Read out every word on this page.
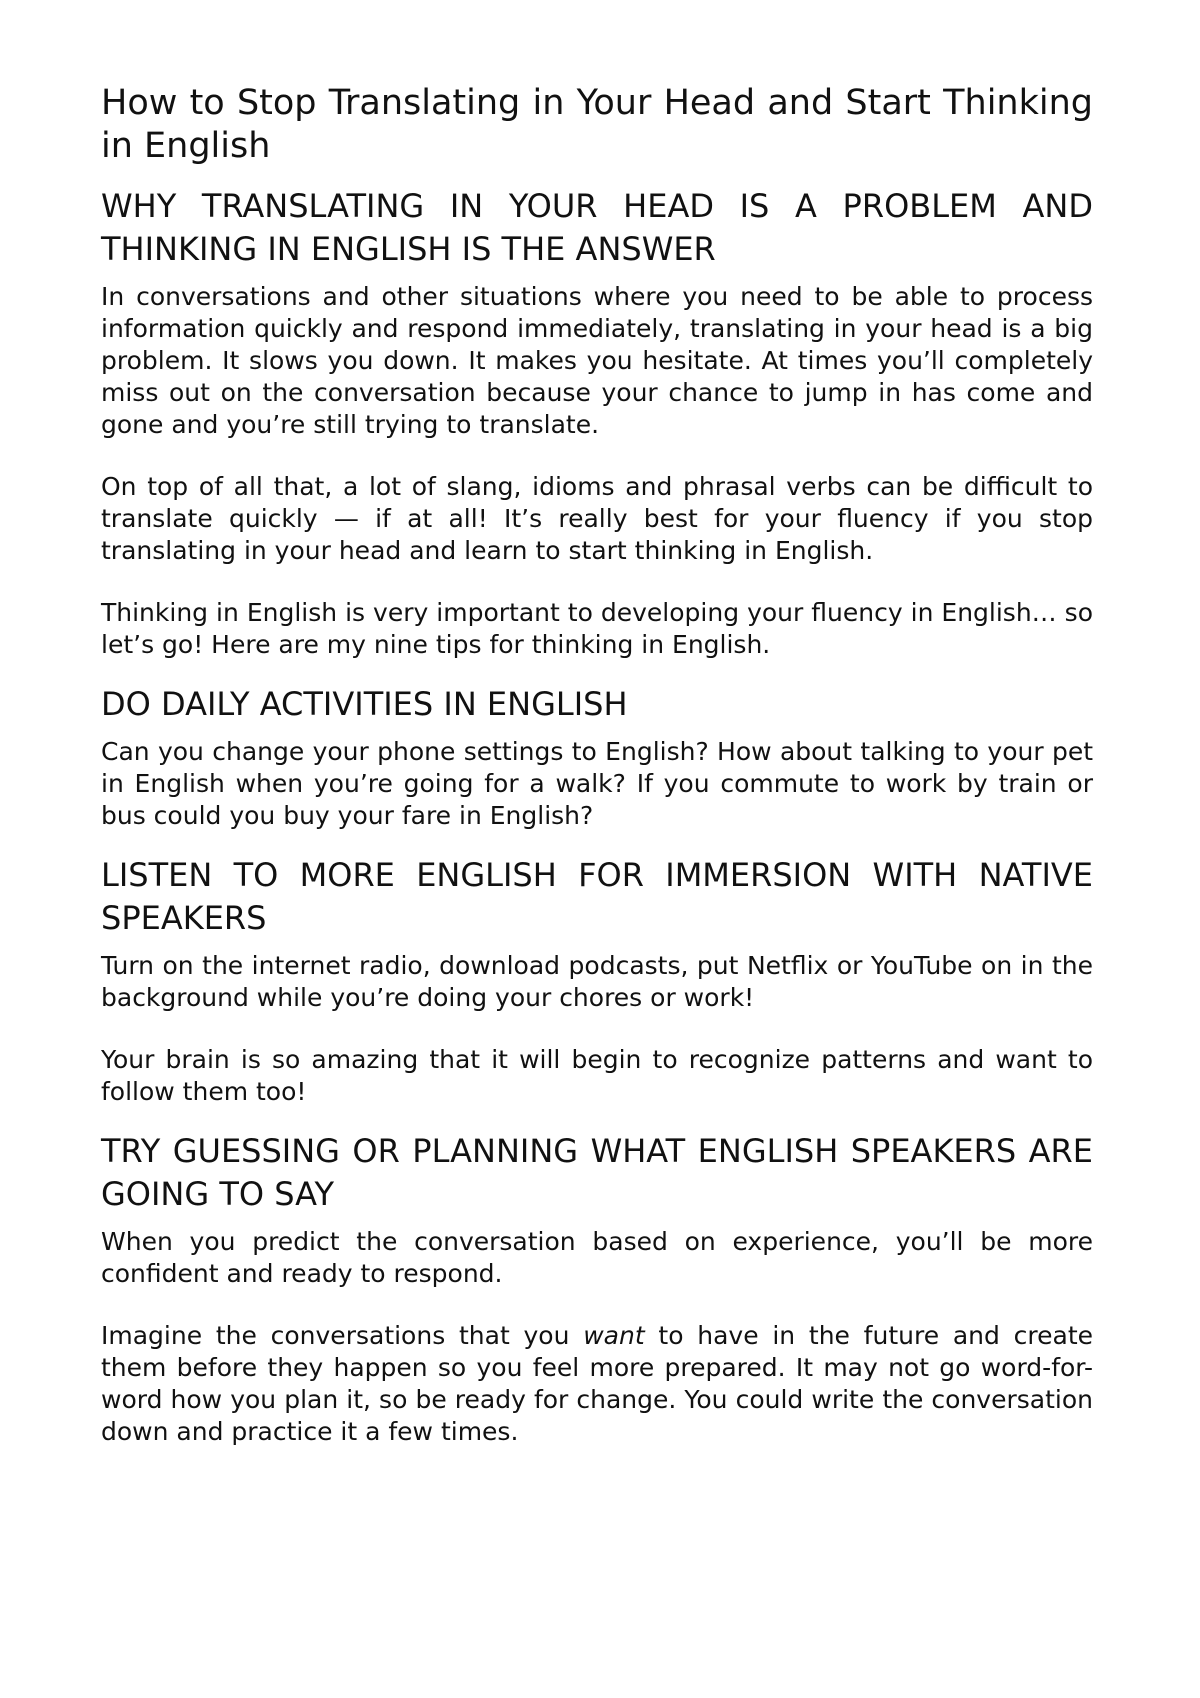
How to Stop Translating in Your Head and Start Thinking in English
WHY TRANSLATING IN YOUR HEAD IS A PROBLEM AND THINKING IN ENGLISH IS THE ANSWER

In conversations and other situations where you need to be able to process information quickly and respond immediately, translating in your head is a big problem. It slows you down. It makes you hesitate. At times you’ll completely miss out on the conversation because your chance to jump in has come and gone and you’re still trying to translate.

On top of all that, a lot of slang, idioms and phrasal verbs can be difficult to translate quickly — if at all! It’s really best for your fluency if you stop translating in your head and learn to start thinking in English.

Thinking in English is very important to developing your fluency in English… so let’s go! Here are my nine tips for thinking in English.

DO DAILY ACTIVITIES IN ENGLISH

Can you change your phone settings to English? How about talking to your pet in English when you’re going for a walk? If you commute to work by train or bus could you buy your fare in English?

LISTEN TO MORE ENGLISH FOR IMMERSION WITH NATIVE SPEAKERS

Turn on the internet radio, download podcasts, put Netflix or YouTube on in the background while you’re doing your chores or work!

Your brain is so amazing that it will begin to recognize patterns and want to follow them too!

TRY GUESSING OR PLANNING WHAT ENGLISH SPEAKERS ARE GOING TO SAY

When you predict the conversation based on experience, you’ll be more confident and ready to respond.

Imagine the conversations that you want to have in the future and create them before they happen so you feel more prepared. It may not go word-for-word how you plan it, so be ready for change. You could write the conversation down and practice it a few times.
